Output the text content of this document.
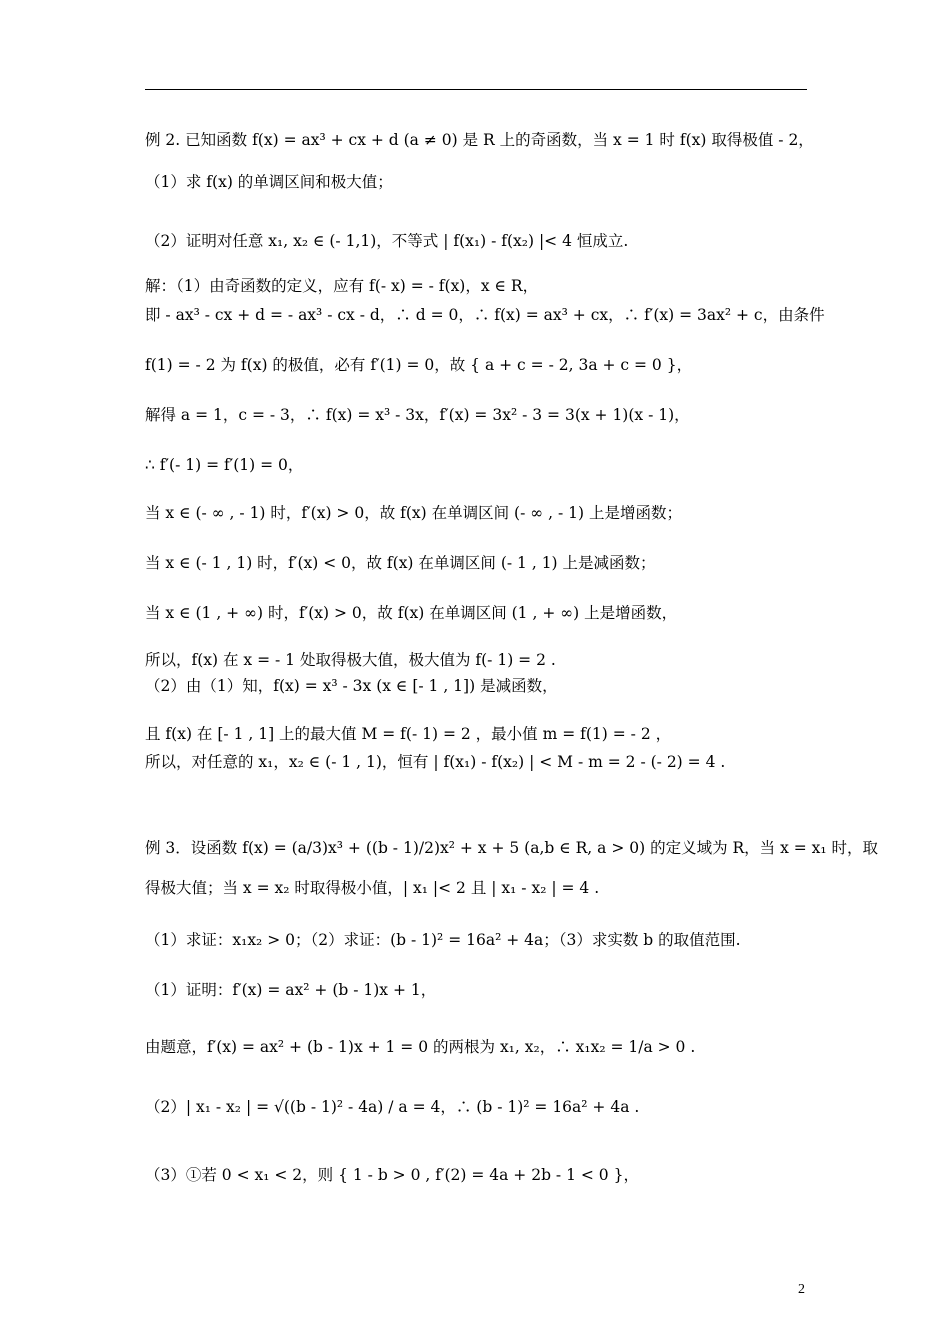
例 2. 已知函数 f(x) = ax³ + cx + d (a ≠ 0) 是 R 上的奇函数，当 x = 1 时 f(x) 取得极值 - 2，
（1）求 f(x) 的单调区间和极大值；
（2）证明对任意 x₁, x₂ ∈ (- 1,1)，不等式 | f(x₁) - f(x₂) |< 4 恒成立.
解：（1）由奇函数的定义，应有 f(- x) = - f(x)，x ∈ R，
即 - ax³ - cx + d = - ax³ - cx - d，∴ d = 0，∴ f(x) = ax³ + cx，∴ f′(x) = 3ax² + c，由条件
f(1) = - 2 为 f(x) 的极值，必有 f′(1) = 0，故 { a + c = - 2, 3a + c = 0 }，
解得 a = 1，c = - 3，∴ f(x) = x³ - 3x，f′(x) = 3x² - 3 = 3(x + 1)(x - 1)，
∴ f′(- 1) = f′(1) = 0，
当 x ∈ (- ∞ , - 1) 时，f′(x) > 0，故 f(x) 在单调区间 (- ∞ , - 1) 上是增函数；
当 x ∈ (- 1 , 1) 时，f′(x) < 0，故 f(x) 在单调区间 (- 1 , 1) 上是减函数；
当 x ∈ (1 , + ∞) 时，f′(x) > 0，故 f(x) 在单调区间 (1 , + ∞) 上是增函数，
所以，f(x) 在 x = - 1 处取得极大值，极大值为 f(- 1) = 2 .
（2）由（1）知，f(x) = x³ - 3x (x ∈ [- 1 , 1]) 是减函数，
且 f(x) 在 [- 1 , 1] 上的最大值 M = f(- 1) = 2 ，最小值 m = f(1) = - 2 ，
所以，对任意的 x₁，x₂ ∈ (- 1 , 1)，恒有 | f(x₁) - f(x₂) | < M - m = 2 - (- 2) = 4 .
例 3．设函数 f(x) = (a/3)x³ + ((b - 1)/2)x² + x + 5 (a,b ∈ R, a > 0) 的定义域为 R，当 x = x₁ 时，取
得极大值；当 x = x₂ 时取得极小值，| x₁ |< 2 且 | x₁ - x₂ | = 4 .
（1）求证：x₁x₂ > 0；（2）求证：(b - 1)² = 16a² + 4a；（3）求实数 b 的取值范围.
（1）证明：f′(x) = ax² + (b - 1)x + 1，
由题意，f′(x) = ax² + (b - 1)x + 1 = 0 的两根为 x₁, x₂，∴ x₁x₂ = 1/a > 0 .
（2）| x₁ - x₂ | = √((b - 1)² - 4a) / a = 4，∴ (b - 1)² = 16a² + 4a .
（3）①若 0 < x₁ < 2，则 { 1 - b > 0 , f′(2) = 4a + 2b - 1 < 0 }，
2
